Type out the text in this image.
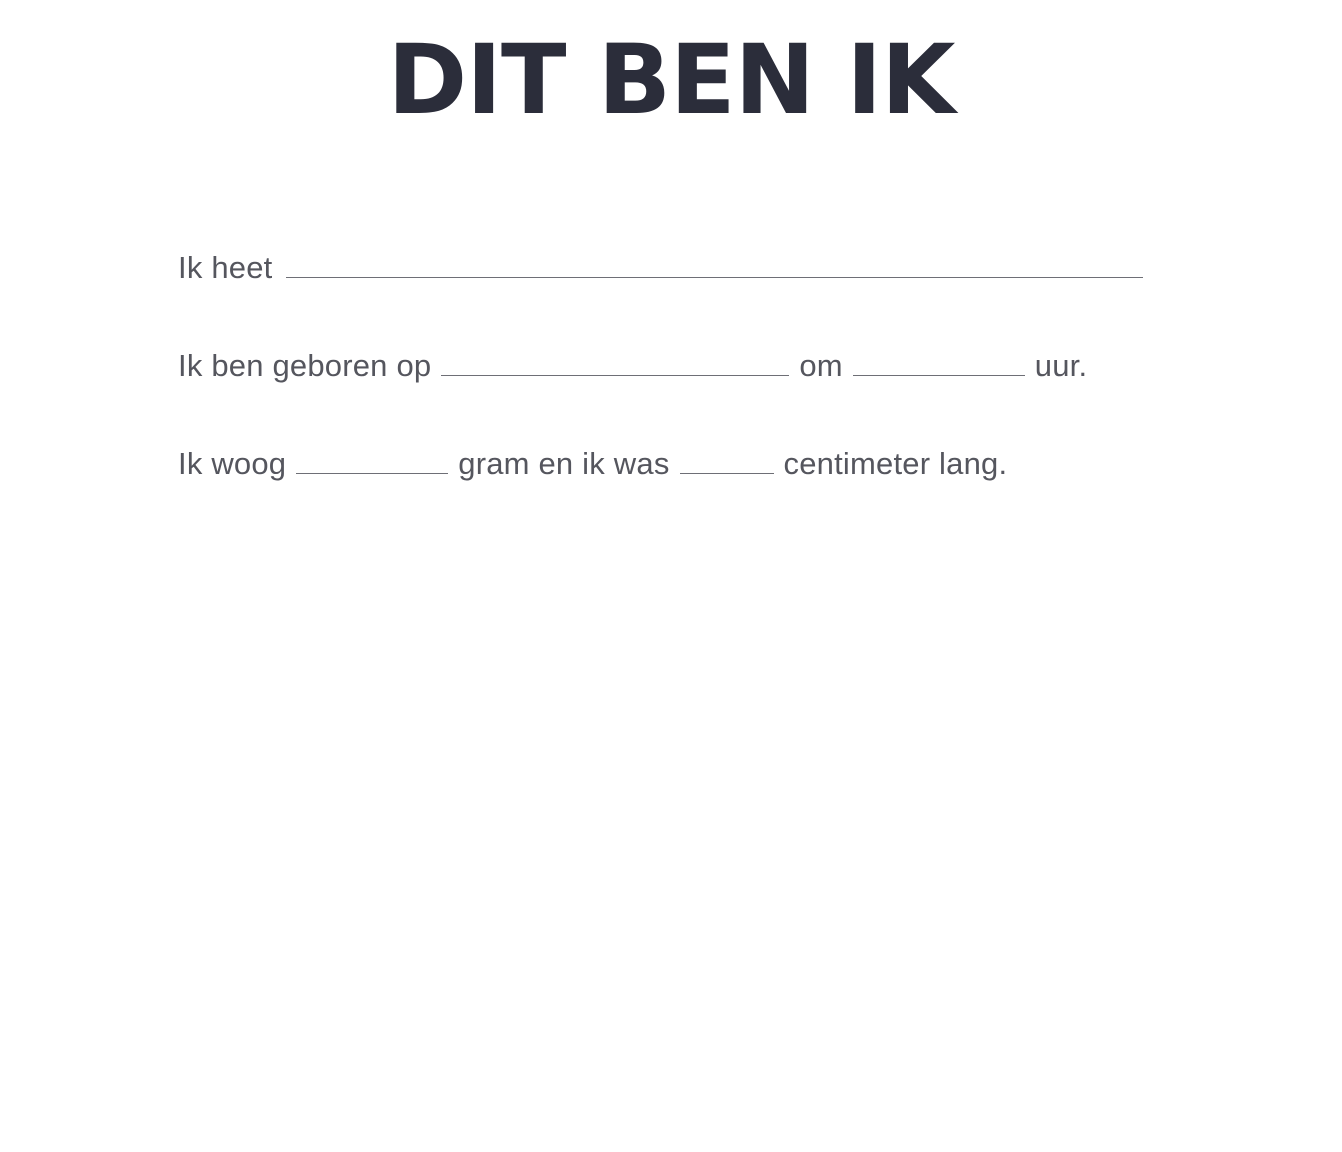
DIT BEN IK
Ik heet
Ik ben geboren op	om	uur.
Ik woog	gram en ik was	centimeter lang.
